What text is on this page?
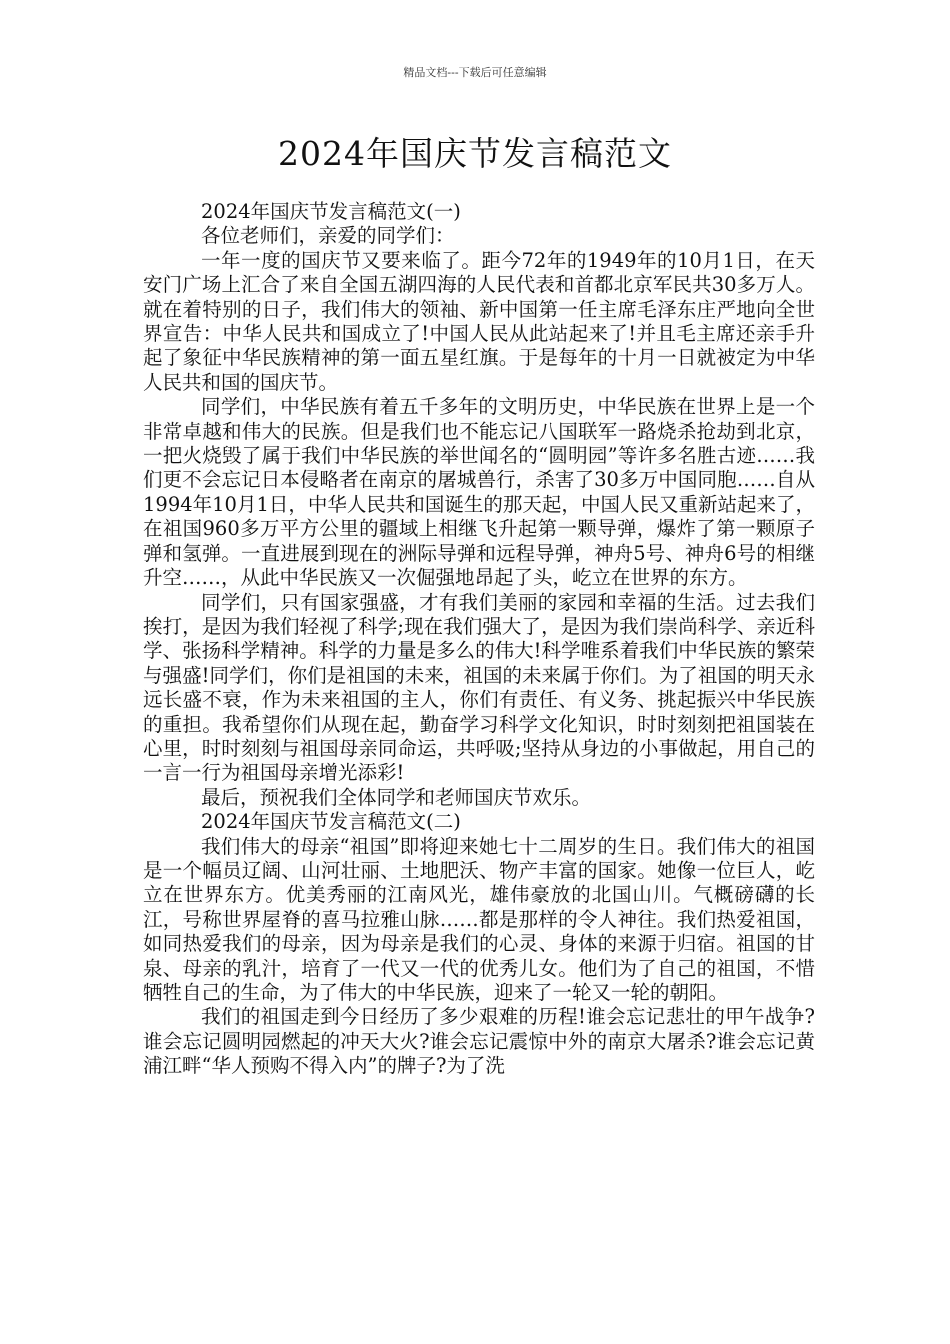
精品文档---下载后可任意编辑
2024年国庆节发言稿范文

2024年国庆节发言稿范文(一)

各位老师们，亲爱的同学们：

一年一度的国庆节又要来临了。距今72年的1949年的10月1日，在天安门广场上汇合了来自全国五湖四海的人民代表和首都北京军民共30多万人。就在着特别的日子，我们伟大的领袖、新中国第一任主席毛泽东庄严地向全世界宣告：中华人民共和国成立了!中国人民从此站起来了!并且毛主席还亲手升起了象征中华民族精神的第一面五星红旗。于是每年的十月一日就被定为中华人民共和国的国庆节。

同学们，中华民族有着五千多年的文明历史，中华民族在世界上是一个非常卓越和伟大的民族。但是我们也不能忘记八国联军一路烧杀抢劫到北京，一把火烧毁了属于我们中华民族的举世闻名的“圆明园”等许多名胜古迹……我们更不会忘记日本侵略者在南京的屠城兽行，杀害了30多万中国同胞……自从1994年10月1日，中华人民共和国诞生的那天起，中国人民又重新站起来了，在祖国960多万平方公里的疆域上相继飞升起第一颗导弹，爆炸了第一颗原子弹和氢弹。一直进展到现在的洲际导弹和远程导弹，神舟5号、神舟6号的相继升空……，从此中华民族又一次倔强地昂起了头，屹立在世界的东方。

同学们，只有国家强盛，才有我们美丽的家园和幸福的生活。过去我们挨打，是因为我们轻视了科学;现在我们强大了，是因为我们崇尚科学、亲近科学、张扬科学精神。科学的力量是多么的伟大!科学唯系着我们中华民族的繁荣与强盛!同学们，你们是祖国的未来，祖国的未来属于你们。为了祖国的明天永远长盛不衰，作为未来祖国的主人，你们有责任、有义务、挑起振兴中华民族的重担。我希望你们从现在起，勤奋学习科学文化知识，时时刻刻把祖国装在心里，时时刻刻与祖国母亲同命运，共呼吸;坚持从身边的小事做起，用自己的一言一行为祖国母亲增光添彩!

最后，预祝我们全体同学和老师国庆节欢乐。

2024年国庆节发言稿范文(二)

我们伟大的母亲“祖国”即将迎来她七十二周岁的生日。我们伟大的祖国是一个幅员辽阔、山河壮丽、土地肥沃、物产丰富的国家。她像一位巨人，屹立在世界东方。优美秀丽的江南风光，雄伟豪放的北国山川。气概磅礴的长江，号称世界屋脊的喜马拉雅山脉……都是那样的令人神往。我们热爱祖国，如同热爱我们的母亲，因为母亲是我们的心灵、身体的来源于归宿。祖国的甘泉、母亲的乳汁，培育了一代又一代的优秀儿女。他们为了自己的祖国，不惜牺牲自己的生命，为了伟大的中华民族，迎来了一轮又一轮的朝阳。

我们的祖国走到今日经历了多少艰难的历程!谁会忘记悲壮的甲午战争?谁会忘记圆明园燃起的冲天大火?谁会忘记震惊中外的南京大屠杀?谁会忘记黄浦江畔“华人预购不得入内”的牌子?为了洗
